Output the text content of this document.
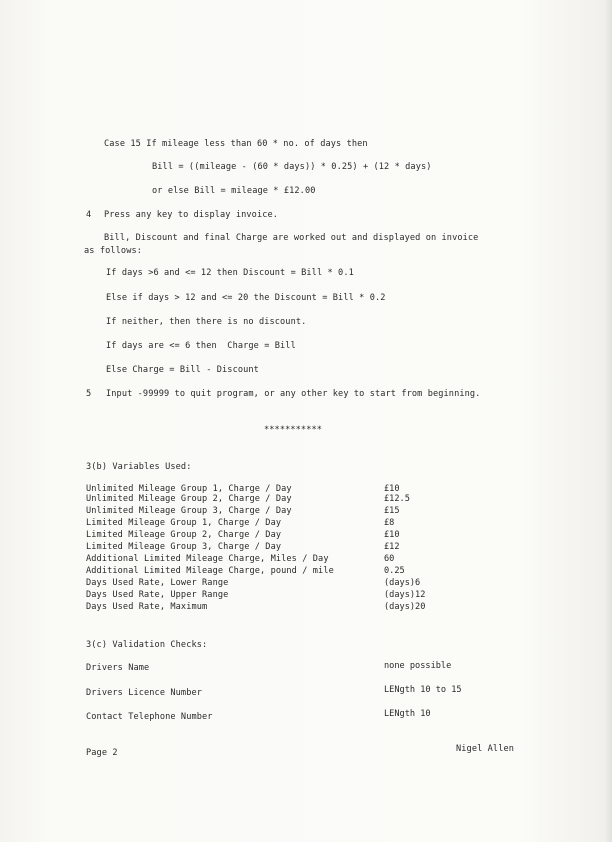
Case 15 If mileage less than 60 * no. of days then
Bill = ((mileage - (60 * days)) * 0.25) + (12 * days)
or else Bill = mileage * £12.00
4 Press any key to display invoice.
Bill, Discount and final Charge are worked out and displayed on invoice
as follows:
If days >6 and <= 12 then Discount = Bill * 0.1
Else if days > 12 and <= 20 the Discount = Bill * 0.2
If neither, then there is no discount.
If days are <= 6 then  Charge = Bill
Else Charge = Bill - Discount
5 Input -99999 to quit program, or any other key to start from beginning.
***********
3(b) Variables Used:
Unlimited Mileage Group 1, Charge / Day	£10
Unlimited Mileage Group 2, Charge / Day	£12.5
Unlimited Mileage Group 3, Charge / Day	£15
Limited Mileage Group 1, Charge / Day	£8
Limited Mileage Group 2, Charge / Day	£10
Limited Mileage Group 3, Charge / Day	£12
Additional Limited Mileage Charge, Miles / Day	60
Additional Limited Mileage Charge, pound / mile	0.25
Days Used Rate, Lower Range	(days)6
Days Used Rate, Upper Range	(days)12
Days Used Rate, Maximum	(days)20
3(c) Validation Checks:
Drivers Name	none possible
Drivers Licence Number	LENgth 10 to 15
Contact Telephone Number	LENgth 10
Page 2	Nigel Allen
